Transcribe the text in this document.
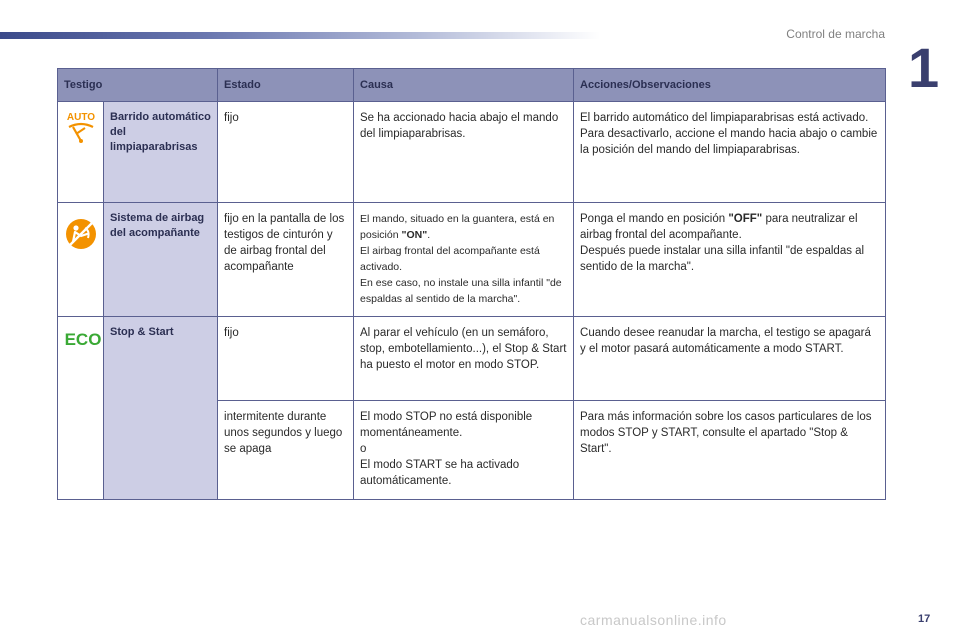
Control de marcha
1
Testigo		Estado	Causa	Acciones/Observaciones

AUTO	Barrido automático del limpiaparabrisas	fijo	Se ha accionado hacia abajo el mando del limpiaparabrisas.	El barrido automático del limpiaparabrisas está activado.
Para desactivarlo, accione el mando hacia abajo o cambie la posición del mando del limpiaparabrisas.
	Sistema de airbag del acompañante	fijo en la pantalla de los testigos de cinturón y de airbag frontal del acompañante	El mando, situado en la guantera, está en posición "ON".
El airbag frontal del acompañante está activado.
En ese caso, no instale una silla infantil "de espaldas al sentido de la marcha".	Ponga el mando en posición "OFF" para neutralizar el airbag frontal del acompañante.
Después puede instalar una silla infantil "de espaldas al sentido de la marcha".

ECO	Stop & Start	fijo	Al parar el vehículo (en un semáforo, stop, embotellamiento...), el Stop & Start ha puesto el motor en modo STOP.	Cuando desee reanudar la marcha, el testigo se apagará y el motor pasará automáticamente a modo START.
		intermitente durante unos segundos y luego se apaga	El modo STOP no está disponible momentáneamente.
o
El modo START se ha activado automáticamente.	Para más información sobre los casos particulares de los modos STOP y START, consulte el apartado "Stop & Start".
carmanualsonline.info	17
